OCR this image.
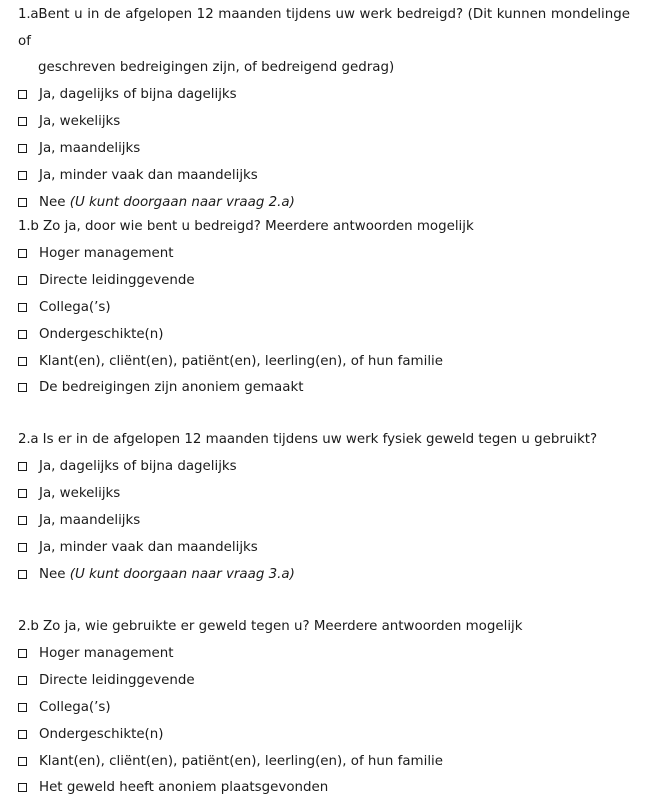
1.aBent u in de afgelopen 12 maanden tijdens uw werk bedreigd? (Dit kunnen mondelinge of

geschreven bedreigingen zijn, of bedreigend gedrag)

Ja, dagelijks of bijna dagelijks
Ja, wekelijks
Ja, maandelijks
Ja, minder vaak dan maandelijks
Nee (U kunt doorgaan naar vraag 2.a)

1.b Zo ja, door wie bent u bedreigd? Meerdere antwoorden mogelijk

Hoger management
Directe leidinggevende
Collega(’s)
Ondergeschikte(n)
Klant(en), cliënt(en), patiënt(en), leerling(en), of hun familie
De bedreigingen zijn anoniem gemaakt

2.a Is er in de afgelopen 12 maanden tijdens uw werk fysiek geweld tegen u gebruikt?

Ja, dagelijks of bijna dagelijks
Ja, wekelijks
Ja, maandelijks
Ja, minder vaak dan maandelijks
Nee (U kunt doorgaan naar vraag 3.a)

2.b Zo ja, wie gebruikte er geweld tegen u? Meerdere antwoorden mogelijk

Hoger management
Directe leidinggevende
Collega(’s)
Ondergeschikte(n)
Klant(en), cliënt(en), patiënt(en), leerling(en), of hun familie
Het geweld heeft anoniem plaatsgevonden
